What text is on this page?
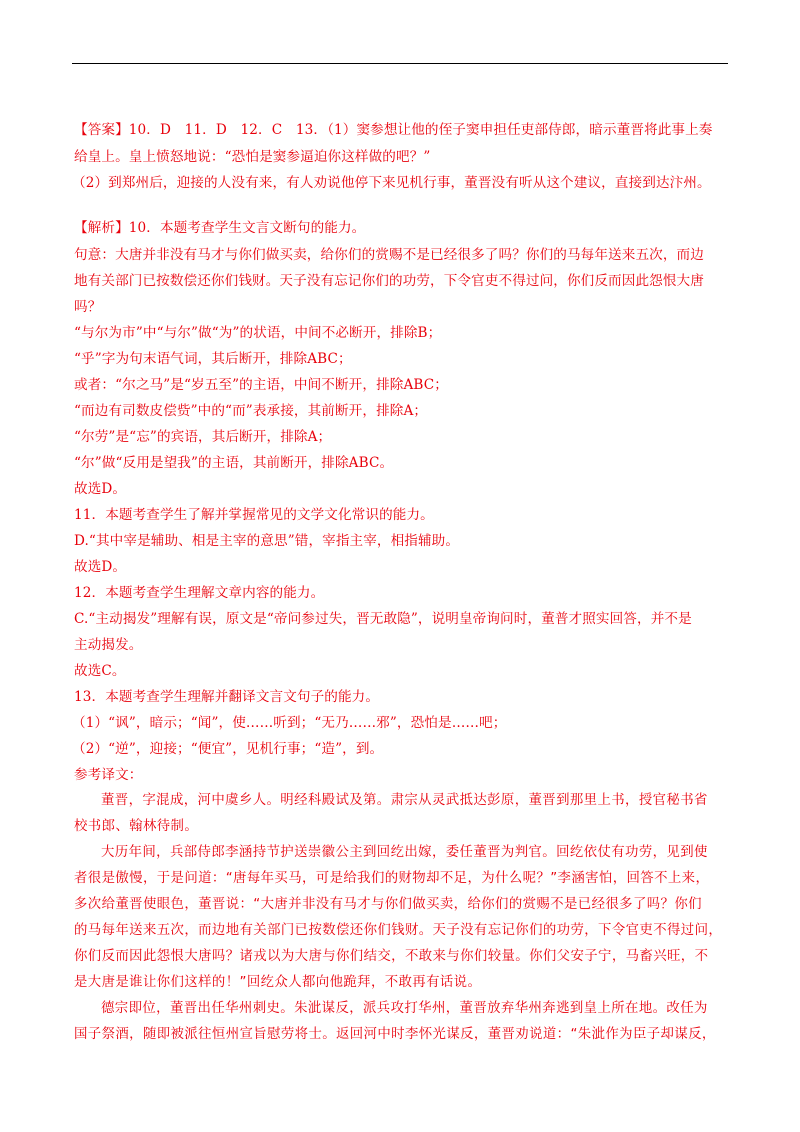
【答案】10．D　11．D　12．C　13．（1）窦参想让他的侄子窦申担任吏部侍郎，暗示董晋将此事上奏
给皇上。皇上愤怒地说：“恐怕是窦参逼迫你这样做的吧？”
（2）到郑州后，迎接的人没有来，有人劝说他停下来见机行事，董晋没有听从这个建议，直接到达汴州。
【解析】10．本题考查学生文言文断句的能力。
句意：大唐并非没有马才与你们做买卖，给你们的赏赐不是已经很多了吗？你们的马每年送来五次，而边
地有关部门已按数偿还你们钱财。天子没有忘记你们的功劳，下令官吏不得过问，你们反而因此怨恨大唐
吗？
“与尔为市”中“与尔”做“为”的状语，中间不必断开，排除B；
“乎”字为句末语气词，其后断开，排除ABC；
或者：“尔之马”是“岁五至”的主语，中间不断开，排除ABC；
“而边有司数皮偿赀”中的“而”表承接，其前断开，排除A；
“尔劳”是“忘”的宾语，其后断开，排除A；
“尔”做“反用是望我”的主语，其前断开，排除ABC。
故选D。
11．本题考查学生了解并掌握常见的文学文化常识的能力。
D.“其中宰是辅助、相是主宰的意思”错，宰指主宰，相指辅助。
故选D。
12．本题考查学生理解文章内容的能力。
C.“主动揭发”理解有误，原文是“帝问参过失，晋无敢隐”，说明皇帝询问时，董普才照实回答，并不是
主动揭发。
故选C。
13．本题考查学生理解并翻译文言文句子的能力。
（1）“讽”，暗示；“闻”，使……听到；“无乃……邪”，恐怕是……吧；
（2）“逆”，迎接；“便宜”，见机行事；“造”，到。
参考译文：
董晋，字混成，河中虞乡人。明经科殿试及第。肃宗从灵武抵达彭原，董晋到那里上书，授官秘书省
校书郎、翰林待制。
大历年间，兵部侍郎李涵持节护送崇徽公主到回纥出嫁，委任董晋为判官。回纥依仗有功劳，见到使
者很是傲慢，于是问道：“唐每年买马，可是给我们的财物却不足，为什么呢？”李涵害怕，回答不上来，
多次给董晋使眼色，董晋说：“大唐并非没有马才与你们做买卖，给你们的赏赐不是已经很多了吗？你们
的马每年送来五次，而边地有关部门已按数偿还你们钱财。天子没有忘记你们的功劳，下令官吏不得过问，
你们反而因此怨恨大唐吗？诸戎以为大唐与你们结交，不敢来与你们较量。你们父安子宁，马畜兴旺，不
是大唐是谁让你们这样的！”回纥众人都向他跪拜，不敢再有话说。
德宗即位，董晋出任华州刺史。朱泚谋反，派兵攻打华州，董晋放弃华州奔逃到皇上所在地。改任为
国子祭酒，随即被派往恒州宣旨慰劳将士。返回河中时李怀光谋反，董晋劝说道：“朱泚作为臣子却谋反，
